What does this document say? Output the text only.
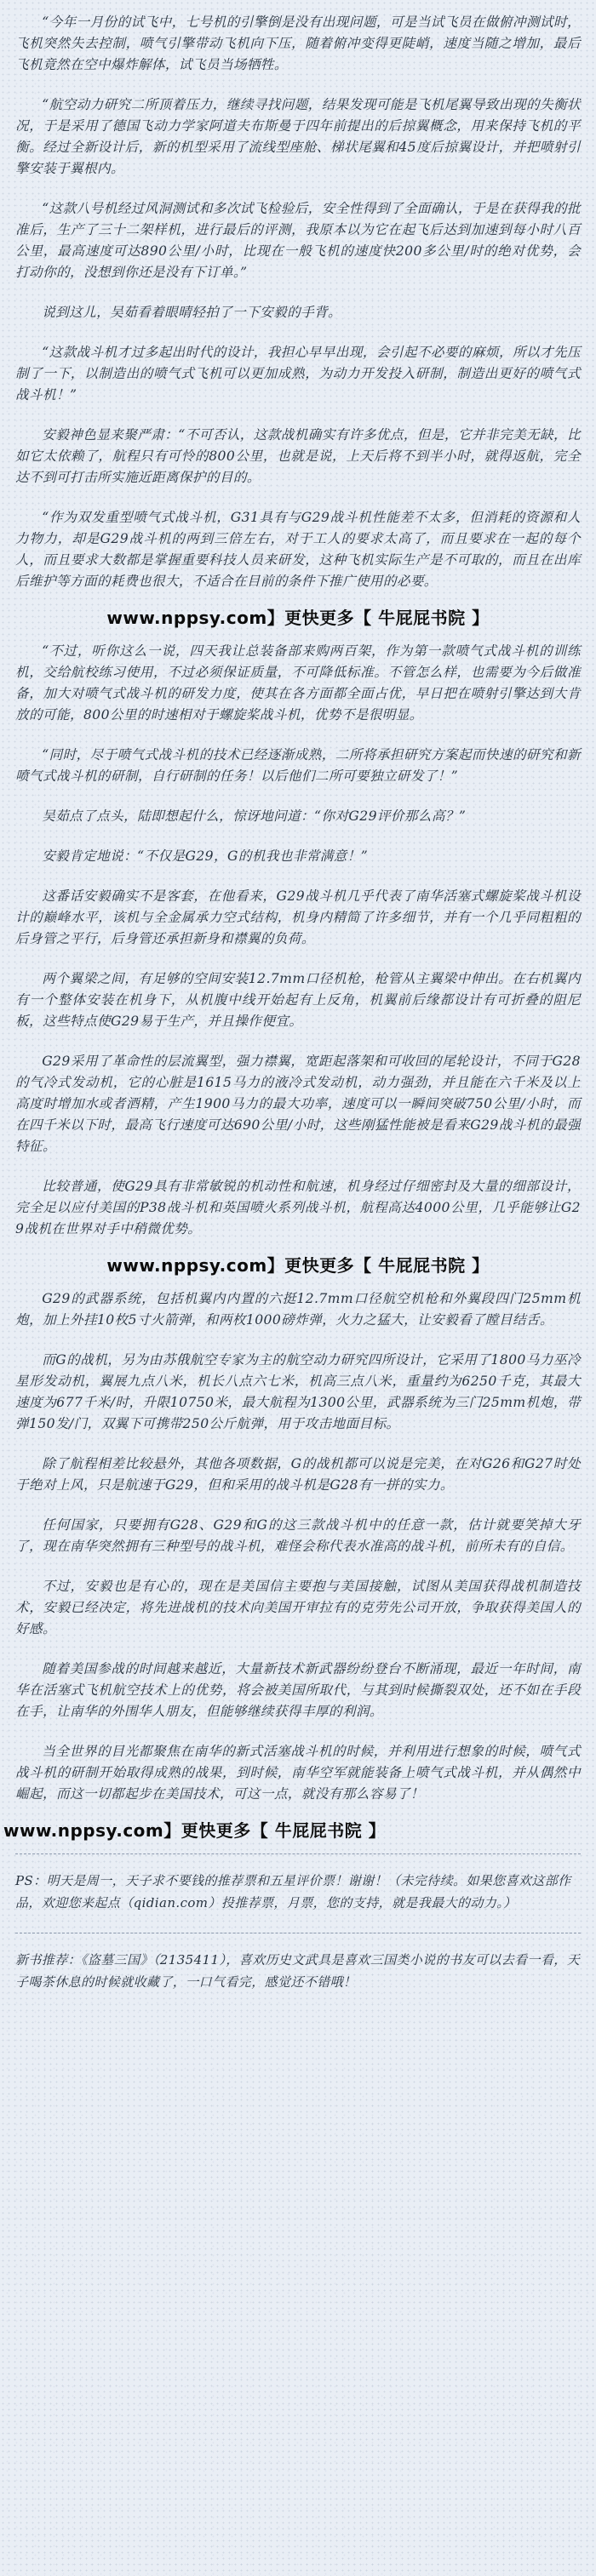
“今年一月份的试飞中，七号机的引擎倒是没有出现问题，可是当试飞员在做俯冲测试时，飞机突然失去控制，喷气引擎带动飞机向下压，随着俯冲变得更陡峭，速度当随之增加，最后飞机竟然在空中爆炸解体，试飞员当场牺牲。

“航空动力研究二所顶着压力，继续寻找问题，结果发现可能是飞机尾翼导致出现的失衡状况，于是采用了德国飞动力学家阿道夫布斯曼于四年前提出的后掠翼概念，用来保持飞机的平衡。经过全新设计后，新的机型采用了流线型座舱、梯状尾翼和45度后掠翼设计，并把喷射引擎安装于翼根内。

“这款八号机经过风洞测试和多次试飞检验后，安全性得到了全面确认，于是在获得我的批准后，生产了三十二架样机，进行最后的评测，我原本以为它在起飞后达到加速到每小时八百公里，最高速度可达890公里/小时，比现在一般飞机的速度快200多公里/时的绝对优势，会打动你的，没想到你还是没有下订单。”

说到这儿，吴茹看着眼晴轻拍了一下安毅的手背。

“这款战斗机才过多起出时代的设计，我担心早早出现，会引起不必要的麻烦，所以才先压制了一下，以制造出的喷气式飞机可以更加成熟，为动力开发投入研制，制造出更好的喷气式战斗机！”

安毅神色显来聚严肃：“不可否认，这款战机确实有许多优点，但是，它并非完美无缺，比如它太依赖了，航程只有可怜的800公里，也就是说，上天后将不到半小时，就得返航，完全达不到可打击所实施近距离保护的目的。

“作为双发重型喷气式战斗机，G31具有与G29战斗机性能差不太多，但消耗的资源和人力物力，却是G29战斗机的两到三倍左右，对于工人的要求太高了，而且要求在一起的每个人，而且要求大数都是掌握重要科技人员来研发，这种飞机实际生产是不可取的，而且在出库后维护等方面的耗费也很大，不适合在目前的条件下推广使用的必要。

www.nppsy.com】更快更多【 牛屁屁书院 】

“不过，听你这么一说，四天我让总装备部来购两百架，作为第一款喷气式战斗机的训练机，交给航校练习使用，不过必须保证质量，不可降低标准。不管怎么样，也需要为今后做准备，加大对喷气式战斗机的研发力度，使其在各方面都全面占优，早日把在喷射引擎达到大肯放的可能，800公里的时速相对于螺旋桨战斗机，优势不是很明显。

“同时，尽于喷气式战斗机的技术已经逐渐成熟，二所将承担研究方案起而快速的研究和新喷气式战斗机的研制，自行研制的任务！以后他们二所可要独立研发了！”

吴茹点了点头，陆即想起什么，惊讶地问道：“你对G29评价那么高？”

安毅肯定地说：“不仅是G29，G的机我也非常满意！”

这番话安毅确实不是客套，在他看来，G29战斗机几乎代表了南华活塞式螺旋桨战斗机设计的巅峰水平，该机与全金属承力空式结构，机身内精简了许多细节，并有一个几乎同粗粗的后身管之平行，后身管还承担新身和襟翼的负荷。

两个翼梁之间，有足够的空间安装12.7mm口径机枪，枪管从主翼梁中伸出。在右机翼内有一个整体安装在机身下，从机腹中线开始起有上反角，机翼前后缘都设计有可折叠的阻尼板，这些特点使G29易于生产，并且操作便宜。

G29采用了革命性的层流翼型，强力襟翼，宽距起落架和可收回的尾轮设计，不同于G28的气冷式发动机，它的心脏是1615马力的液冷式发动机，动力强劲，并且能在六千米及以上高度时增加水或者酒精，产生1900马力的最大功率，速度可以一瞬间突破750公里/小时，而在四千米以下时，最高飞行速度可达690公里/小时，这些刚猛性能被是看来G29战斗机的最强特征。

比较普通，使G29具有非常敏锐的机动性和航速，机身经过仔细密封及大量的细部设计，完全足以应付美国的P38战斗机和英国喷火系列战斗机，航程高达4000公里，几乎能够让G29战机在世界对手中稍微优势。

www.nppsy.com】更快更多【 牛屁屁书院 】

G29的武器系统，包括机翼内内置的六挺12.7mm口径航空机枪和外翼段四门25mm机炮，加上外挂10枚5寸火箭弹，和两枚1000磅炸弹，火力之猛大，让安毅看了瞠目结舌。

而G的战机，另为由苏俄航空专家为主的航空动力研究四所设计，它采用了1800马力巫冷星形发动机，翼展九点八米，机长八点六七米，机高三点八米，重量约为6250千克，其最大速度为677千米/时，升限10750米，最大航程为1300公里，武器系统为三门25mm机炮，带弹150发/门，双翼下可携带250公斤航弹，用于攻击地面目标。

除了航程相差比较悬外，其他各项数据，G的战机都可以说是完美，在对G26和G27时处于绝对上风，只是航速于G29，但和采用的战斗机是G28有一拼的实力。

任何国家，只要拥有G28、G29和G的这三款战斗机中的任意一款，估计就要笑掉大牙了，现在南华突然拥有三种型号的战斗机，难怪会称代表水准高的战斗机，前所未有的自信。

不过，安毅也是有心的，现在是美国信主要抱与美国接触，试图从美国获得战机制造技术，安毅已经决定，将先进战机的技术向美国开审拉有的克劳先公司开放，争取获得美国人的好感。

随着美国参战的时间越来越近，大量新技术新武器纷纷登台不断涌现，最近一年时间，南华在活塞式飞机航空技术上的优势，将会被美国所取代，与其到时候撕裂双处，还不如在手段在手，让南华的外围华人朋友，但能够继续获得丰厚的利润。

当全世界的目光都聚焦在南华的新式活塞战斗机的时候，并利用进行想象的时候，喷气式战斗机的研制开始取得成熟的战果，到时候，南华空军就能装备上喷气式战斗机，并从偶然中崛起，而这一切都起步在美国技术，可这一点，就没有那么容易了！

www.nppsy.com】更快更多【 牛屁屁书院 】

PS：明天是周一，天子求不要钱的推荐票和五星评价票！谢谢！（未完待续。如果您喜欢这部作品，欢迎您来起点（qidian.com）投推荐票，月票，您的支持，就是我最大的动力。）

新书推荐：《盗墓三国》（2135411），喜欢历史文武具是喜欢三国类小说的书友可以去看一看，天子喝茶休息的时候就收藏了，一口气看完，感觉还不错哦！
